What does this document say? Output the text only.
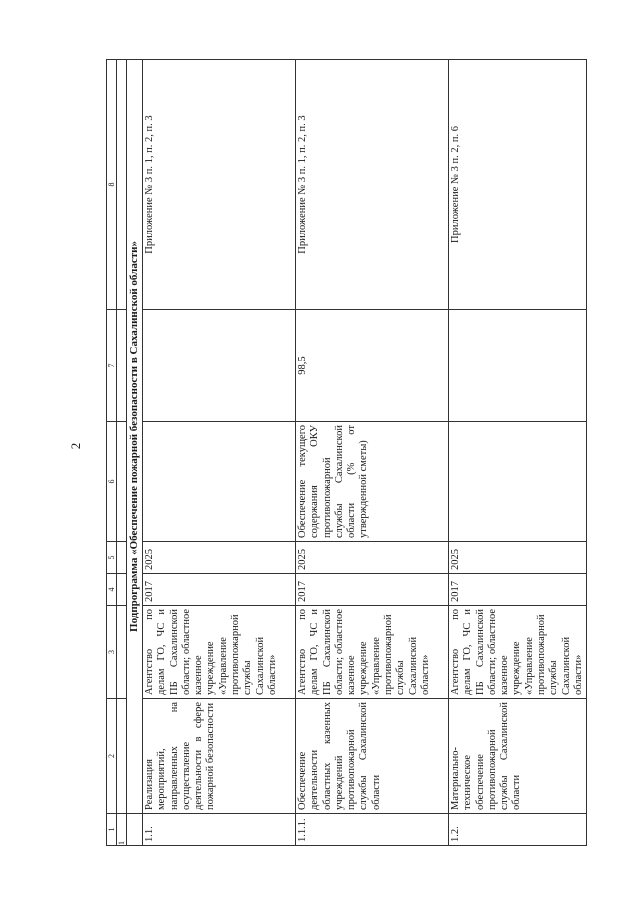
2
1	2	3	4	5	6	7	8
1							
	Подпрограмма «Обеспечение пожарной безопасности в Сахалинской области»						
1.1.	Реализация мероприятий, направленных на осуществление деятельности в сфере пожарной безопасности	Агентство по делам ГО, ЧС и ПБ Сахалинской области; областное казенное учреждение «Управление противопожарной службы Сахалинской области»	2017	2025			Приложение № 3 п. 1, п. 2, п. 3
1.1.1.	Обеспечение деятельности областных казенных учреждений противопожарной службы Сахалинской области	Агентство по делам ГО, ЧС и ПБ Сахалинской области; областное казенное учреждение «Управление противопожарной службы Сахалинской области»	2017	2025	Обеспечение текущего содержания ОКУ противопожарной службы Сахалинской области (% от утвержденной сметы)	98,5	Приложение № 3 п. 1, п. 2, п. 3
1.2.	Материально-техническое обеспечение противопожарной службы Сахалинской области	Агентство по делам ГО, ЧС и ПБ Сахалинской области; областное казенное учреждение «Управление противопожарной службы Сахалинской области»	2017	2025			Приложение № 3 п. 2, п. 6
